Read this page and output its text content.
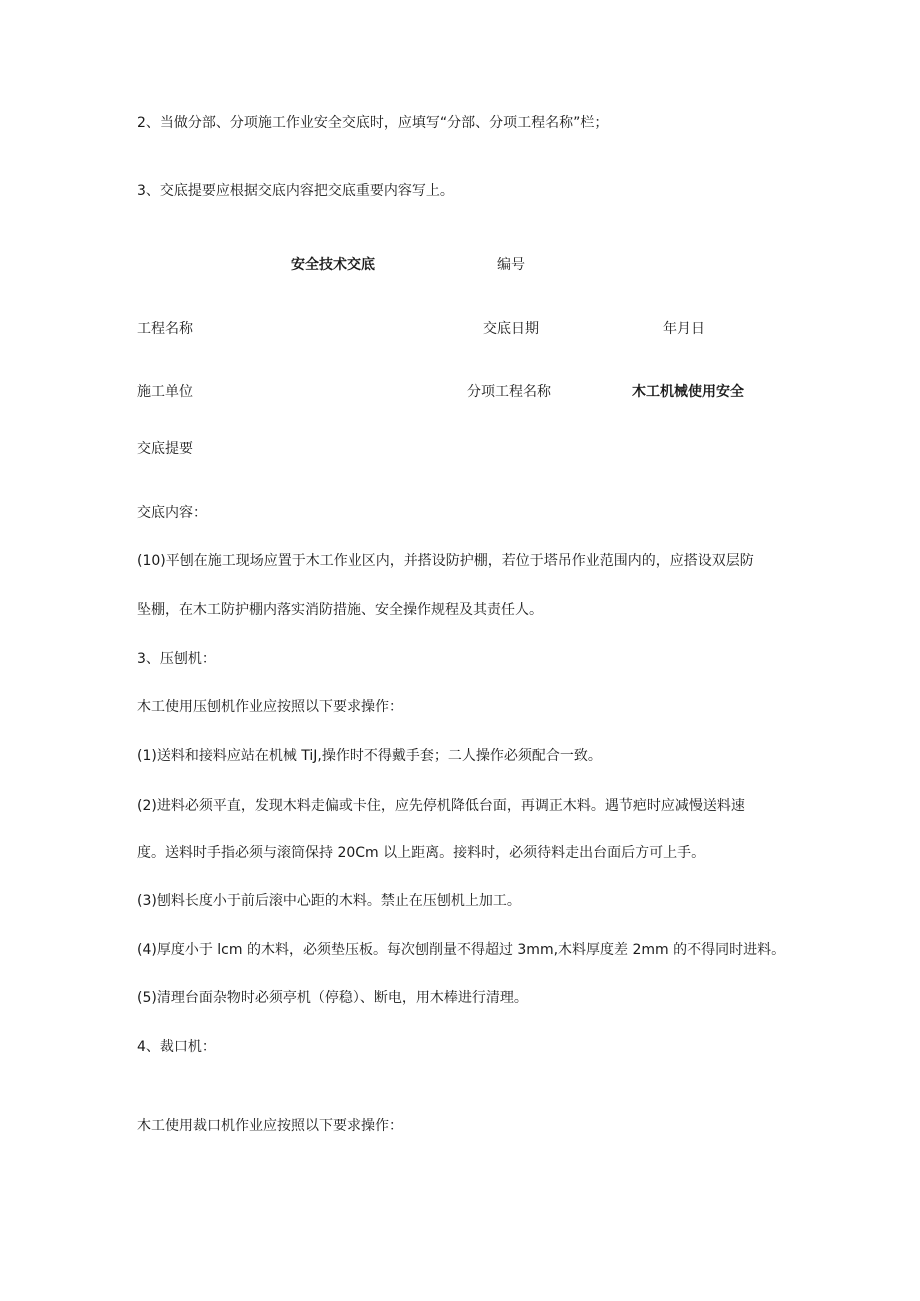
2、当做分部、分项施工作业安全交底时，应填写“分部、分项工程名称”栏；
3、交底提要应根据交底内容把交底重要内容写上。
安全技术交底	编号
工程名称	交底日期	年月日
施工单位	分项工程名称	木工机械使用安全
交底提要
交底内容：
(10)平刨在施工现场应置于木工作业区内，并搭设防护棚，若位于塔吊作业范围内的，应搭设双层防
坠棚，在木工防护棚内落实消防措施、安全操作规程及其责任人。
3、压刨机：
木工使用压刨机作业应按照以下要求操作：
(1)送料和接料应站在机械 TiJ,操作时不得戴手套；二人操作必须配合一致。
(2)进料必须平直，发现木料走偏或卡住，应先停机降低台面，再调正木料。遇节疤时应减慢送料速
度。送料时手指必须与滚筒保持 20Cm 以上距离。接料时，必须待料走出台面后方可上手。
(3)刨料长度小于前后滚中心距的木料。禁止在压刨机上加工。
(4)厚度小于 lcm 的木料，必须垫压板。每次刨削量不得超过 3mm,木料厚度差 2mm 的不得同时进料。
(5)清理台面杂物时必须亭机（停稳）、断电，用木棒进行清理。
4、裁口机：
木工使用裁口机作业应按照以下要求操作：
